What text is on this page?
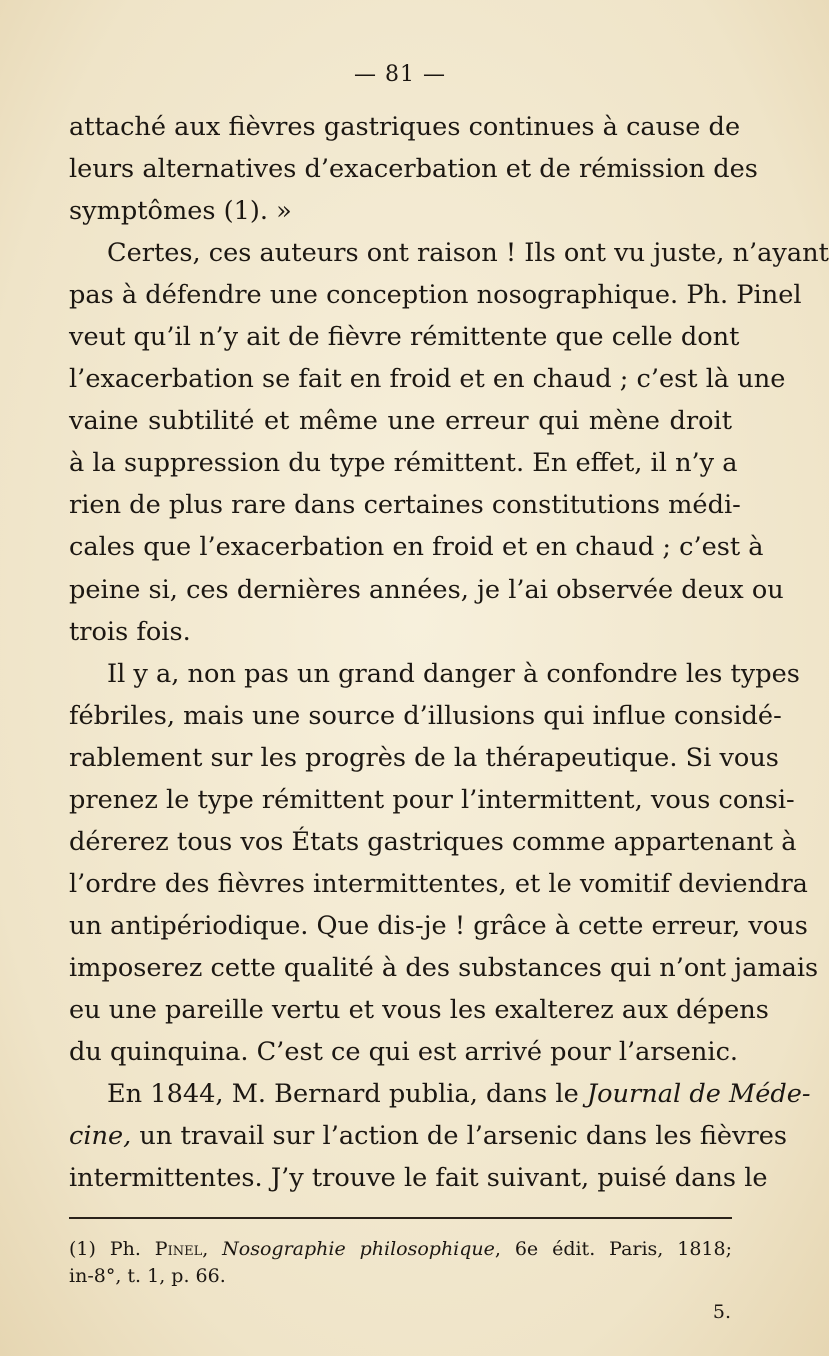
— 81 —
attaché aux fièvres gastriques continues à cause de
leurs alternatives d’exacerbation et de rémission des
symptômes (1). »
Certes, ces auteurs ont raison ! Ils ont vu juste, n’ayant
pas à défendre une conception nosographique. Ph. Pinel
veut qu’il n’y ait de fièvre rémittente que celle dont
l’exacerbation se fait en froid et en chaud ; c’est là une
vaine subtilité et même une erreur qui mène droit
à la suppression du type rémittent. En effet, il n’y a
rien de plus rare dans certaines constitutions médi-
cales que l’exacerbation en froid et en chaud ; c’est à
peine si, ces dernières années, je l’ai observée deux ou
trois fois.
Il y a, non pas un grand danger à confondre les types
fébriles, mais une source d’illusions qui influe considé-
rablement sur les progrès de la thérapeutique. Si vous
prenez le type rémittent pour l’intermittent, vous consi-
dérerez tous vos États gastriques comme appartenant à
l’ordre des fièvres intermittentes, et le vomitif deviendra
un antipériodique. Que dis-je ! grâce à cette erreur, vous
imposerez cette qualité à des substances qui n’ont jamais
eu une pareille vertu et vous les exalterez aux dépens
du quinquina. C’est ce qui est arrivé pour l’arsenic.
En 1844, M. Bernard publia, dans le Journal de Méde-
cine, un travail sur l’action de l’arsenic dans les fièvres
intermittentes. J’y trouve le fait suivant, puisé dans le
(1) Ph. Pinel, Nosographie philosophique, 6e édit. Paris, 1818;
in-8°, t. 1, p. 66.
5.
